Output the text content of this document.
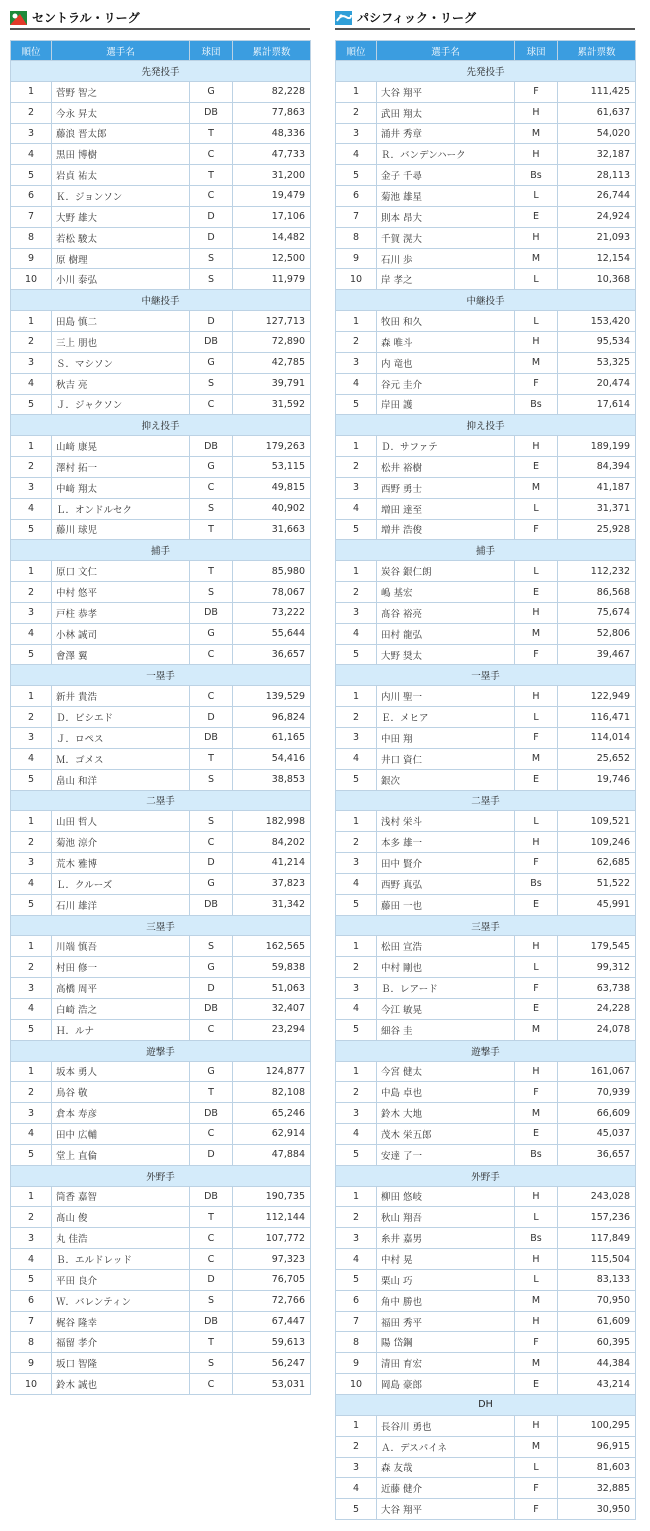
セントラル・リーグ
順位	選手名	球団	累計票数
先発投手			
1	菅野 智之	G	82,228
2	今永 昇太	DB	77,863
3	藤浪 晋太郎	T	48,336
4	黒田 博樹	C	47,733
5	岩貞 祐太	T	31,200
6	Ｋ．ジョンソン	C	19,479
7	大野 雄大	D	17,106
8	若松 駿太	D	14,482
9	原 樹理	S	12,500
10	小川 泰弘	S	11,979
中継投手			
1	田島 慎二	D	127,713
2	三上 朋也	DB	72,890
3	Ｓ．マシソン	G	42,785
4	秋吉 亮	S	39,791
5	Ｊ．ジャクソン	C	31,592
抑え投手			
1	山﨑 康晃	DB	179,263
2	澤村 拓一	G	53,115
3	中﨑 翔太	C	49,815
4	Ｌ．オンドルセク	S	40,902
5	藤川 球児	T	31,663
捕手			
1	原口 文仁	T	85,980
2	中村 悠平	S	78,067
3	戸柱 恭孝	DB	73,222
4	小林 誠司	G	55,644
5	會澤 翼	C	36,657
一塁手			
1	新井 貴浩	C	139,529
2	Ｄ．ビシエド	D	96,824
3	Ｊ．ロペス	DB	61,165
4	Ｍ．ゴメス	T	54,416
5	畠山 和洋	S	38,853
二塁手			
1	山田 哲人	S	182,998
2	菊池 涼介	C	84,202
3	荒木 雅博	D	41,214
4	Ｌ．クルーズ	G	37,823
5	石川 雄洋	DB	31,342
三塁手			
1	川端 慎吾	S	162,565
2	村田 修一	G	59,838
3	高橋 周平	D	51,063
4	白崎 浩之	DB	32,407
5	Ｈ．ルナ	C	23,294
遊撃手			
1	坂本 勇人	G	124,877
2	鳥谷 敬	T	82,108
3	倉本 寿彦	DB	65,246
4	田中 広輔	C	62,914
5	堂上 直倫	D	47,884
外野手			
1	筒香 嘉智	DB	190,735
2	髙山 俊	T	112,144
3	丸 佳浩	C	107,772
4	Ｂ．エルドレッド	C	97,323
5	平田 良介	D	76,705
6	Ｗ．バレンティン	S	72,766
7	梶谷 隆幸	DB	67,447
8	福留 孝介	T	59,613
9	坂口 智隆	S	56,247
10	鈴木 誠也	C	53,031
パシフィック・リーグ
順位	選手名	球団	累計票数
先発投手			
1	大谷 翔平	F	111,425
2	武田 翔太	H	61,637
3	涌井 秀章	M	54,020
4	Ｒ．バンデンハーク	H	32,187
5	金子 千尋	Bs	28,113
6	菊池 雄星	L	26,744
7	則本 昂大	E	24,924
8	千賀 滉大	H	21,093
9	石川 歩	M	12,154
10	岸 孝之	L	10,368
中継投手			
1	牧田 和久	L	153,420
2	森 唯斗	H	95,534
3	内 竜也	M	53,325
4	谷元 圭介	F	20,474
5	岸田 護	Bs	17,614
抑え投手			
1	Ｄ．サファテ	H	189,199
2	松井 裕樹	E	84,394
3	西野 勇士	M	41,187
4	増田 達至	L	31,371
5	増井 浩俊	F	25,928
捕手			
1	炭谷 銀仁朗	L	112,232
2	嶋 基宏	E	86,568
3	髙谷 裕亮	H	75,674
4	田村 龍弘	M	52,806
5	大野 奨太	F	39,467
一塁手			
1	内川 聖一	H	122,949
2	Ｅ．メヒア	L	116,471
3	中田 翔	F	114,014
4	井口 資仁	M	25,652
5	銀次	E	19,746
二塁手			
1	浅村 栄斗	L	109,521
2	本多 雄一	H	109,246
3	田中 賢介	F	62,685
4	西野 真弘	Bs	51,522
5	藤田 一也	E	45,991
三塁手			
1	松田 宣浩	H	179,545
2	中村 剛也	L	99,312
3	Ｂ．レアード	F	63,738
4	今江 敏晃	E	24,228
5	細谷 圭	M	24,078
遊撃手			
1	今宮 健太	H	161,067
2	中島 卓也	F	70,939
3	鈴木 大地	M	66,609
4	茂木 栄五郎	E	45,037
5	安達 了一	Bs	36,657
外野手			
1	柳田 悠岐	H	243,028
2	秋山 翔吾	L	157,236
3	糸井 嘉男	Bs	117,849
4	中村 晃	H	115,504
5	栗山 巧	L	83,133
6	角中 勝也	M	70,950
7	福田 秀平	H	61,609
8	陽 岱鋼	F	60,395
9	清田 育宏	M	44,384
10	岡島 豪郎	E	43,214
DH			
1	長谷川 勇也	H	100,295
2	Ａ．デスパイネ	M	96,915
3	森 友哉	L	81,603
4	近藤 健介	F	32,885
5	大谷 翔平	F	30,950
